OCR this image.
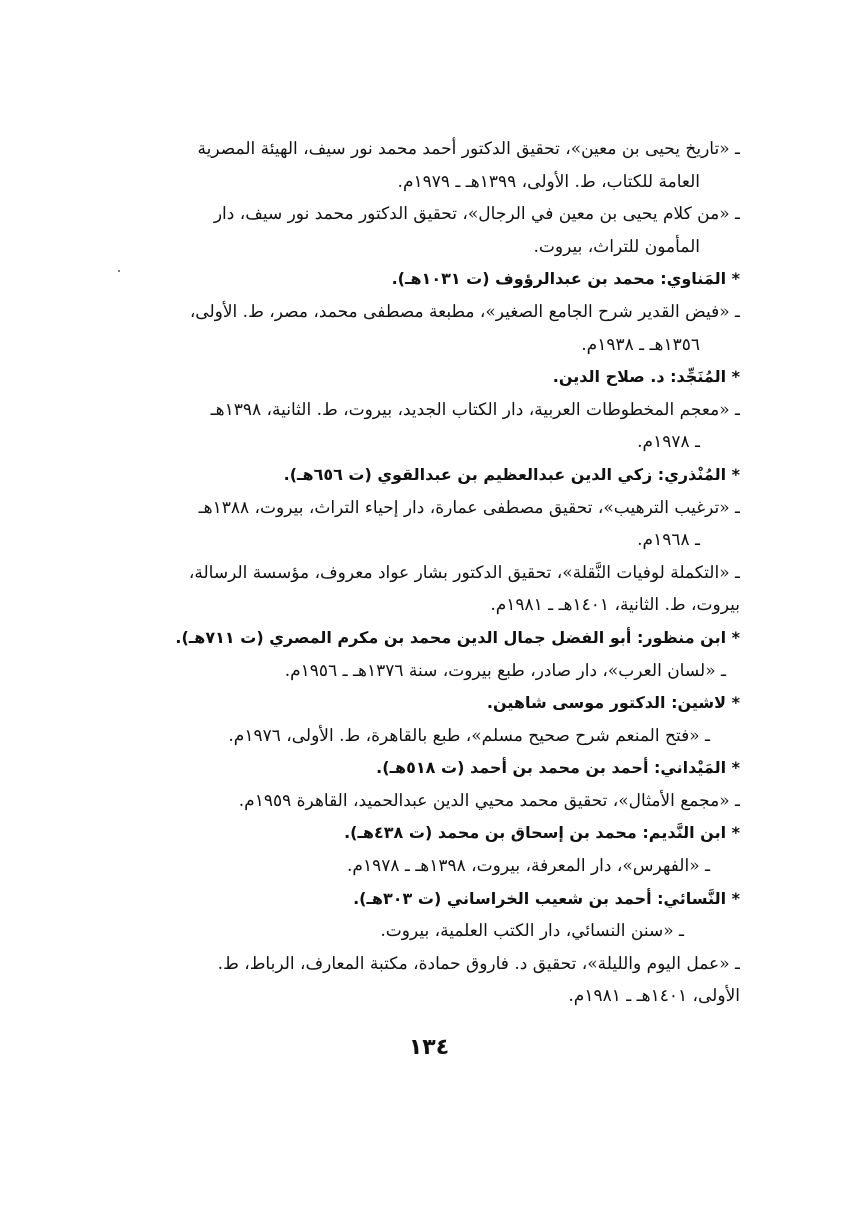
ـ «تاريخ يحيى بن معين»، تحقيق الدكتور أحمد محمد نور سيف، الهيئة المصرية
العامة للكتاب، ط. الأولى، ١٣٩٩هـ ـ ١٩٧٩م.
ـ «من كلام يحيى بن معين في الرجال»، تحقيق الدكتور محمد نور سيف، دار
المأمون للتراث، بيروت.
* المَناوي: محمد بن عبدالرؤوف (ت ١٠٣١هـ).
ـ «فيض القدير شرح الجامع الصغير»، مطبعة مصطفى محمد، مصر، ط. الأولى،
١٣٥٦هـ ـ ١٩٣٨م.
* المُنَجِّد: د. صلاح الدين.
ـ «معجم المخطوطات العربية، دار الكتاب الجديد، بيروت، ط. الثانية، ١٣٩٨هـ
ـ ١٩٧٨م.
* المُنْذري: زكي الدين عبدالعظيم بن عبدالقوي (ت ٦٥٦هـ).
ـ «ترغيب الترهيب»، تحقيق مصطفى عمارة، دار إحياء التراث، بيروت، ١٣٨٨هـ
ـ ١٩٦٨م.
ـ «التكملة لوفيات النَّقلة»، تحقيق الدكتور بشار عواد معروف، مؤسسة الرسالة،
بيروت، ط. الثانية، ١٤٠١هـ ـ ١٩٨١م.
* ابن منظور: أبو الفضل جمال الدين محمد بن مكرم المصري (ت ٧١١هـ).
ـ «لسان العرب»، دار صادر، طبع بيروت، سنة ١٣٧٦هـ ـ ١٩٥٦م.
* لاشين: الدكتور موسى شاهين.
ـ «فتح المنعم شرح صحيح مسلم»، طبع بالقاهرة، ط. الأولى، ١٩٧٦م.
* المَيْداني: أحمد بن محمد بن أحمد (ت ٥١٨هـ).
ـ «مجمع الأمثال»، تحقيق محمد محيي الدين عبدالحميد، القاهرة ١٩٥٩م.
* ابن النَّديم: محمد بن إسحاق بن محمد (ت ٤٣٨هـ).
ـ «الفهرس»، دار المعرفة، بيروت، ١٣٩٨هـ ـ ١٩٧٨م.
* النَّسائي: أحمد بن شعيب الخراساني (ت ٣٠٣هـ).
ـ «سنن النسائي، دار الكتب العلمية، بيروت.
ـ «عمل اليوم والليلة»، تحقيق د. فاروق حمادة، مكتبة المعارف، الرباط، ط.
الأولى، ١٤٠١هـ ـ ١٩٨١م.
١٣٤
